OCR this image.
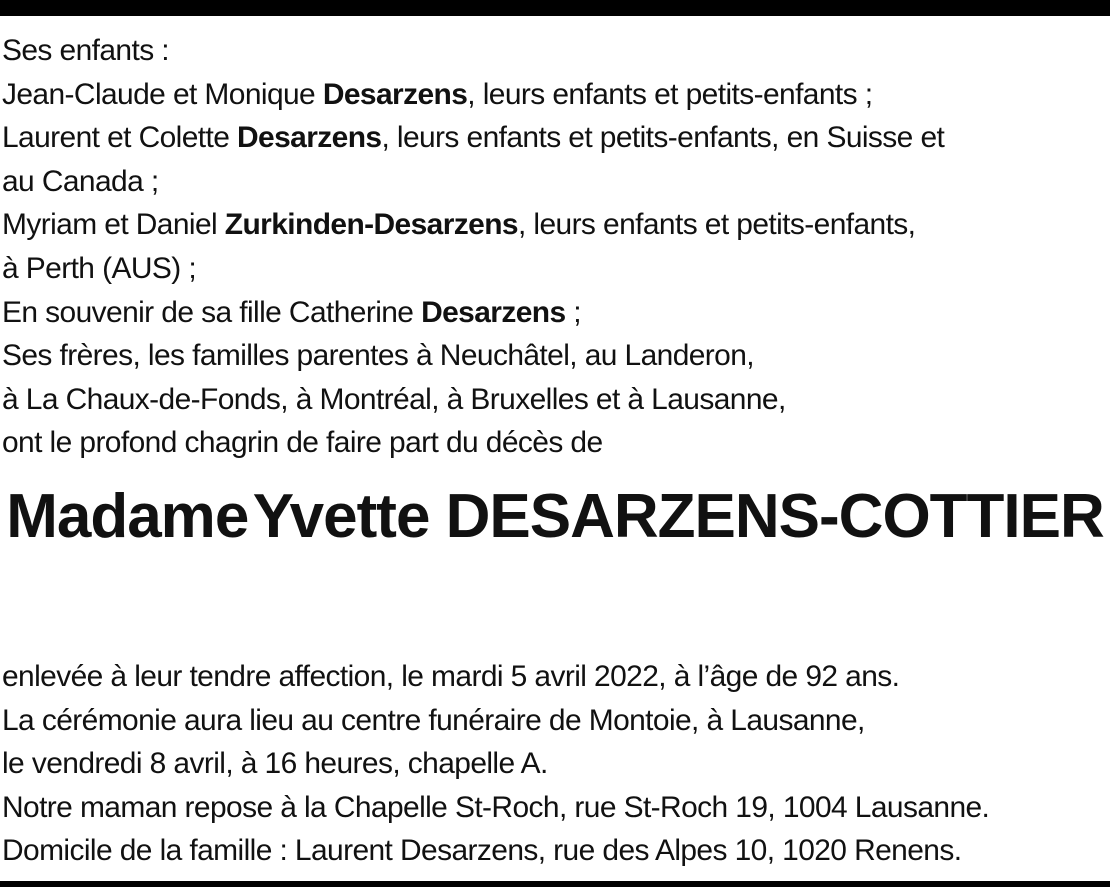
Ses enfants :
Jean-Claude et Monique Desarzens, leurs enfants et petits-enfants ;
Laurent et Colette Desarzens, leurs enfants et petits-enfants, en Suisse et
au Canada ;
Myriam et Daniel Zurkinden-Desarzens, leurs enfants et petits-enfants,
à Perth (AUS) ;
En souvenir de sa fille Catherine Desarzens ;
Ses frères, les familles parentes à Neuchâtel, au Landeron,
à La Chaux-de-Fonds, à Montréal, à Bruxelles et à Lausanne,
ont le profond chagrin de faire part du décès de
Madame Yvette DESARZENS-COTTIER
enlevée à leur tendre affection, le mardi 5 avril 2022, à l’âge de 92 ans.
La cérémonie aura lieu au centre funéraire de Montoie, à Lausanne,
le vendredi 8 avril, à 16 heures, chapelle A.
Notre maman repose à la Chapelle St-Roch, rue St-Roch 19, 1004 Lausanne.
Domicile de la famille : Laurent Desarzens, rue des Alpes 10, 1020 Renens.
